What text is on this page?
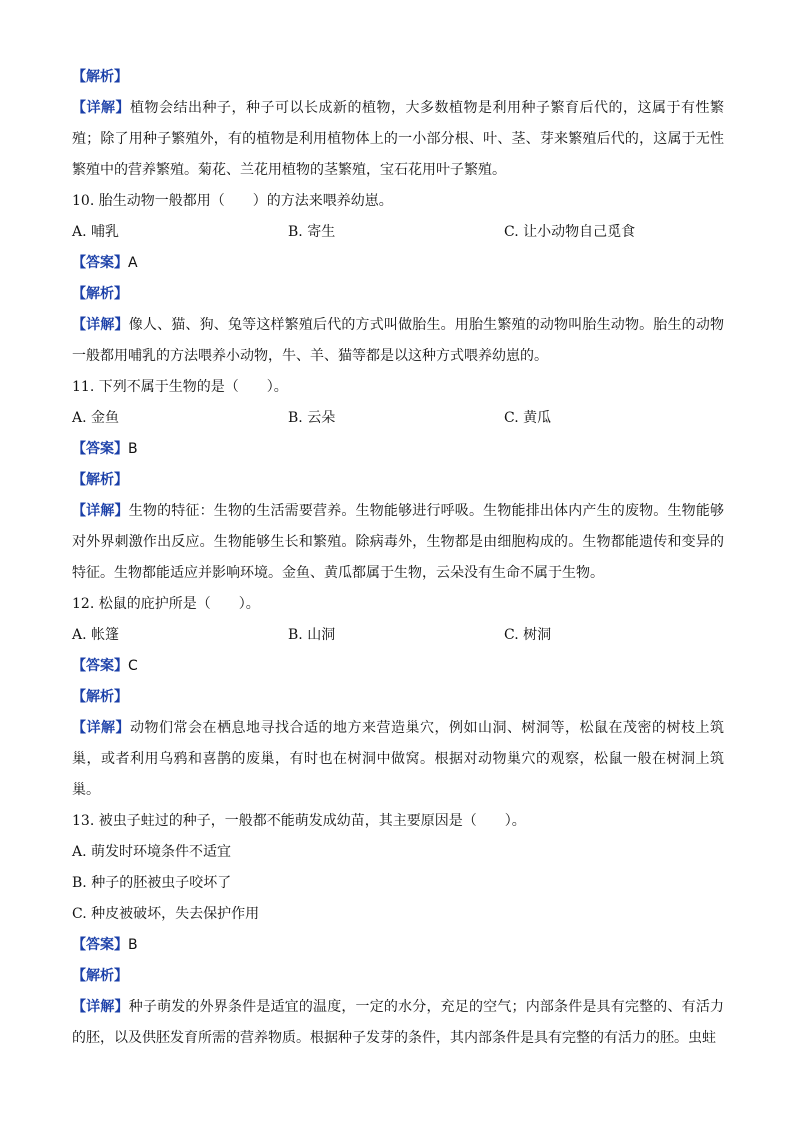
【解析】
【详解】植物会结出种子，种子可以长成新的植物，大多数植物是利用种子繁育后代的，这属于有性繁殖；除了用种子繁殖外，有的植物是利用植物体上的一小部分根、叶、茎、芽来繁殖后代的，这属于无性繁殖中的营养繁殖。菊花、兰花用植物的茎繁殖，宝石花用叶子繁殖。
10. 胎生动物一般都用（　　）的方法来喂养幼崽。
A. 哺乳	B. 寄生	C. 让小动物自己觅食
【答案】A
【解析】
【详解】像人、猫、狗、兔等这样繁殖后代的方式叫做胎生。用胎生繁殖的动物叫胎生动物。胎生的动物一般都用哺乳的方法喂养小动物，牛、羊、猫等都是以这种方式喂养幼崽的。
11. 下列不属于生物的是（　　）。
A. 金鱼	B. 云朵	C. 黄瓜
【答案】B
【解析】
【详解】生物的特征：生物的生活需要营养。生物能够进行呼吸。生物能排出体内产生的废物。生物能够对外界刺激作出反应。生物能够生长和繁殖。除病毒外，生物都是由细胞构成的。生物都能遗传和变异的特征。生物都能适应并影响环境。金鱼、黄瓜都属于生物，云朵没有生命不属于生物。
12. 松鼠的庇护所是（　　）。
A. 帐篷	B. 山洞	C. 树洞
【答案】C
【解析】
【详解】动物们常会在栖息地寻找合适的地方来营造巢穴，例如山洞、树洞等，松鼠在茂密的树枝上筑巢，或者利用乌鸦和喜鹊的废巢，有时也在树洞中做窝。根据对动物巢穴的观察，松鼠一般在树洞上筑巢。
13. 被虫子蛀过的种子，一般都不能萌发成幼苗，其主要原因是（　　）。
A. 萌发时环境条件不适宜
B. 种子的胚被虫子咬坏了
C. 种皮被破坏，失去保护作用
【答案】B
【解析】
【详解】种子萌发的外界条件是适宜的温度，一定的水分，充足的空气；内部条件是具有完整的、有活力的胚，以及供胚发育所需的营养物质。根据种子发芽的条件，其内部条件是具有完整的有活力的胚。虫蛀
